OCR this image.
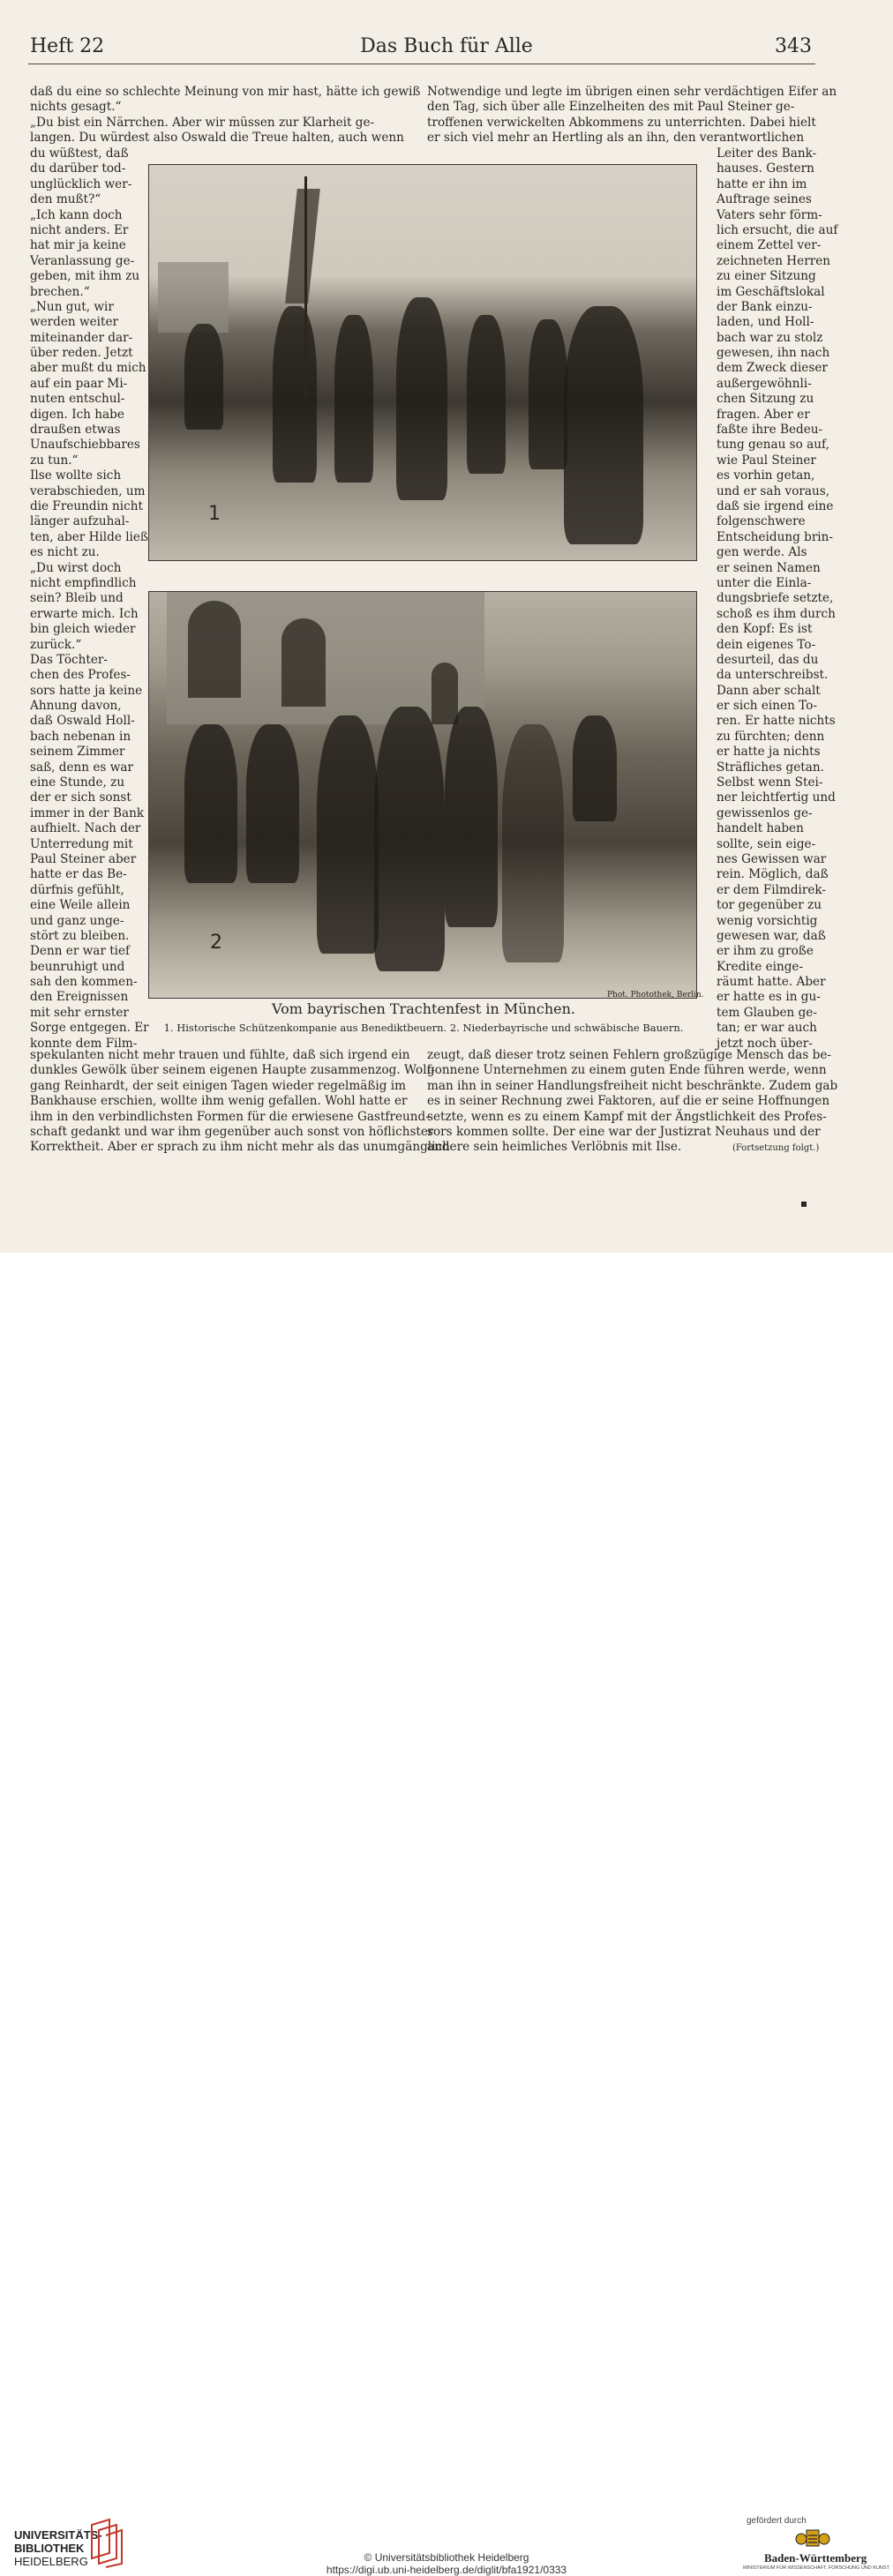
Heft 22	Das Buch für Alle	343
daß du eine so schlechte Meinung von mir hast, hätte ich gewiß
nichts gesagt.“
„Du bist ein Närrchen. Aber wir müssen zur Klarheit ge-
langen. Du würdest also Oswald die Treue halten, auch wenn
Notwendige und legte im übrigen einen sehr verdächtigen Eifer an
den Tag, sich über alle Einzelheiten des mit Paul Steiner ge-
troffenen verwickelten Abkommens zu unterrichten. Dabei hielt
er sich viel mehr an Hertling als an ihn, den verantwortlichen
du wüßtest, daß
du darüber tod-
unglücklich wer-
den mußt?“
„Ich kann doch
nicht anders. Er
hat mir ja keine
Veranlassung ge-
geben, mit ihm zu
brechen.“
„Nun gut, wir
werden weiter
miteinander dar-
über reden. Jetzt
aber mußt du mich
auf ein paar Mi-
nuten entschul-
digen. Ich habe
draußen etwas
Unaufschiebbares
zu tun.“
Ilse wollte sich
verabschieden, um
die Freundin nicht
länger aufzuhal-
ten, aber Hilde ließ
es nicht zu.
„Du wirst doch
nicht empfindlich
sein? Bleib und
erwarte mich. Ich
bin gleich wieder
zurück.“
Das Töchter-
chen des Profes-
sors hatte ja keine
Ahnung davon,
daß Oswald Holl-
bach nebenan in
seinem Zimmer
saß, denn es war
eine Stunde, zu
der er sich sonst
immer in der Bank
aufhielt. Nach der
Unterredung mit
Paul Steiner aber
hatte er das Be-
dürfnis gefühlt,
eine Weile allein
und ganz unge-
stört zu bleiben.
Denn er war tief
beunruhigt und
sah den kommen-
den Ereignissen
mit sehr ernster
Sorge entgegen. Er
konnte dem Film-
Leiter des Bank-
hauses. Gestern
hatte er ihn im
Auftrage seines
Vaters sehr förm-
lich ersucht, die auf
einem Zettel ver-
zeichneten Herren
zu einer Sitzung
im Geschäftslokal
der Bank einzu-
laden, und Holl-
bach war zu stolz
gewesen, ihn nach
dem Zweck dieser
außergewöhnli-
chen Sitzung zu
fragen. Aber er
faßte ihre Bedeu-
tung genau so auf,
wie Paul Steiner
es vorhin getan,
und er sah voraus,
daß sie irgend eine
folgenschwere
Entscheidung brin-
gen werde. Als
er seinen Namen
unter die Einla-
dungsbriefe setzte,
schoß es ihm durch
den Kopf: Es ist
dein eigenes To-
desurteil, das du
da unterschreibst.
Dann aber schalt
er sich einen To-
ren. Er hatte nichts
zu fürchten; denn
er hatte ja nichts
Sträfliches getan.
Selbst wenn Stei-
ner leichtfertig und
gewissenlos ge-
handelt haben
sollte, sein eige-
nes Gewissen war
rein. Möglich, daß
er dem Filmdirek-
tor gegenüber zu
wenig vorsichtig
gewesen war, daß
er ihm zu große
Kredite einge-
räumt hatte. Aber
er hatte es in gu-
tem Glauben ge-
tan; er war auch
jetzt noch über-
1
2
Phot. Photothek, Berlin.
Vom bayrischen Trachtenfest in München.
1. Historische Schützenkompanie aus Benediktbeuern. 2. Niederbayrische und schwäbische Bauern.
spekulanten nicht mehr trauen und fühlte, daß sich irgend ein
dunkles Gewölk über seinem eigenen Haupte zusammenzog. Wolf-
gang Reinhardt, der seit einigen Tagen wieder regelmäßig im
Bankhause erschien, wollte ihm wenig gefallen. Wohl hatte er
ihm in den verbindlichsten Formen für die erwiesene Gastfreund-
schaft gedankt und war ihm gegenüber auch sonst von höflichster
Korrektheit. Aber er sprach zu ihm nicht mehr als das unumgänglich
zeugt, daß dieser trotz seinen Fehlern großzügige Mensch das be-
gonnene Unternehmen zu einem guten Ende führen werde, wenn
man ihn in seiner Handlungsfreiheit nicht beschränkte. Zudem gab
es in seiner Rechnung zwei Faktoren, auf die er seine Hoffnungen
setzte, wenn es zu einem Kampf mit der Ängstlichkeit des Profes-
sors kommen sollte. Der eine war der Justizrat Neuhaus und der
andere sein heimliches Verlöbnis mit Ilse.	(Fortsetzung folgt.)
UNIVERSITÄTS-
BIBLIOTHEK
HEIDELBERG	© Universitätsbibliothek Heidelberg
https://digi.ub.uni-heidelberg.de/diglit/bfa1921/0333
gefördert durch
Baden-Württemberg
MINISTERIUM FÜR WISSENSCHAFT, FORSCHUNG UND KUNST
